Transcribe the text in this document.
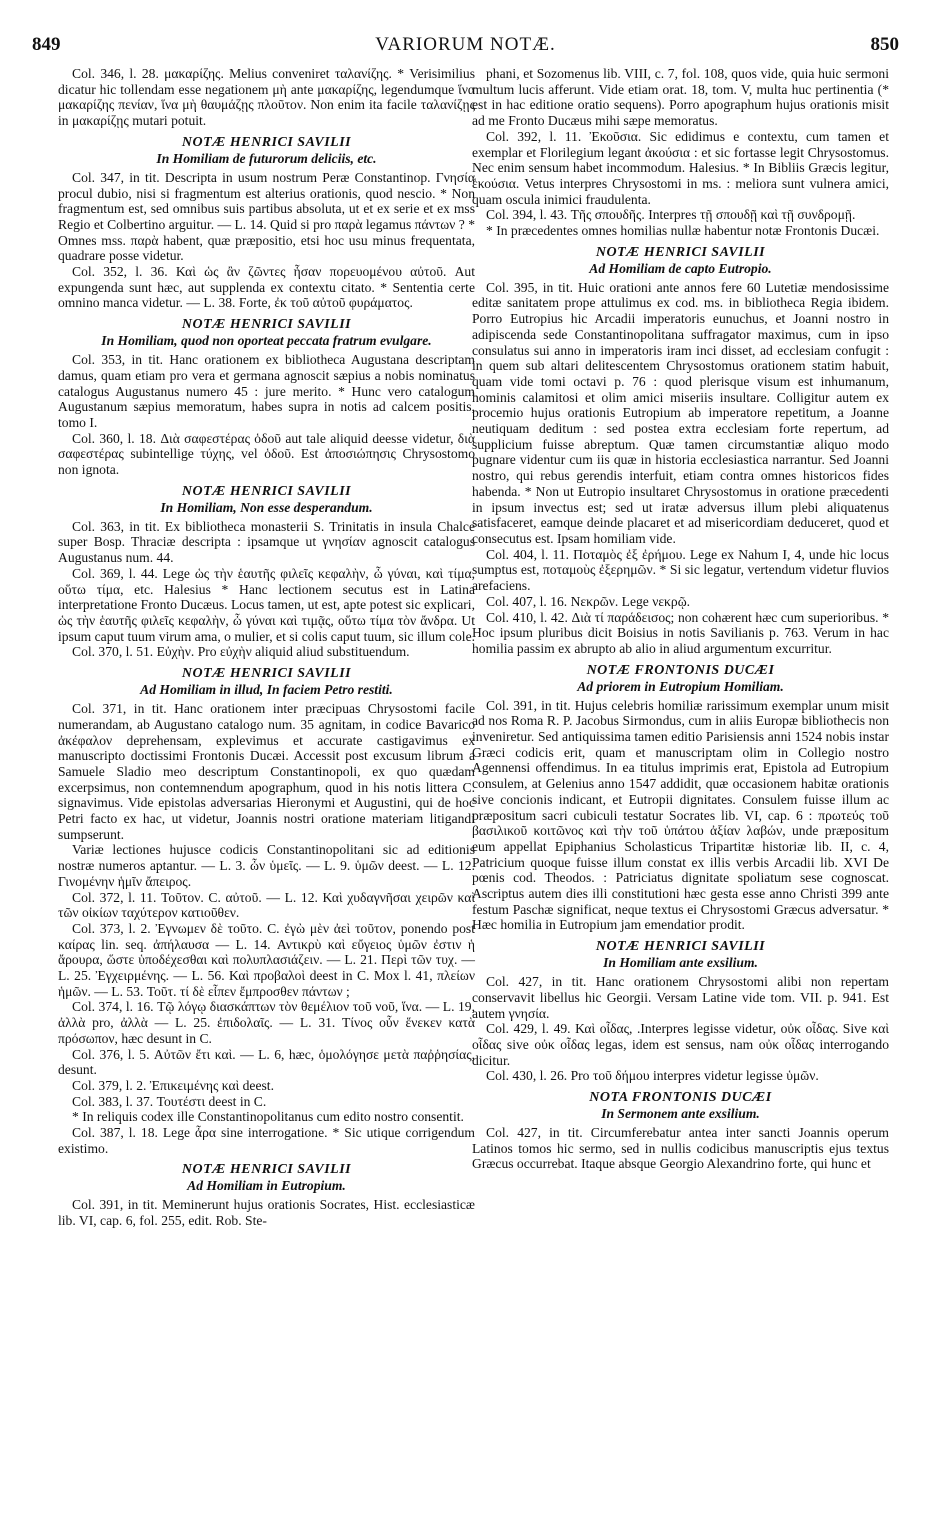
849	VARIORUM NOTÆ.	850

Col. 346, l. 28. μακαρίζης. Melius conveniret ταλανίζης. * Verisimilius dicatur hic tollendam esse negationem μὴ ante μακαρίζης, legendumque ἵνα μακαρίζης πενίαν, ἵνα μὴ θαυμάζῃς πλοῦτον. Non enim ita facile ταλανίζῃς in μακαρίζῃς mutari potuit.

NOTÆ HENRICI SAVILII

In Homiliam de futurorum deliciis, etc.

Col. 347, in tit. Descripta in usum nostrum Peræ Constantinop. Γνησία procul dubio, nisi si fragmentum est alterius orationis, quod nescio. * Non fragmentum est, sed omnibus suis partibus absoluta, ut et ex serie et ex mss Regio et Colbertino arguitur. — L. 14. Quid si pro παρὰ legamus πάντων ? * Omnes mss. παρὰ habent, quæ præpositio, etsi hoc usu minus frequentata, quadrare posse videtur.

Col. 352, l. 36. Καὶ ὡς ἂν ζῶντες ἦσαν πορευομένου αὐτοῦ. Aut expungenda sunt hæc, aut supplenda ex contextu citato. * Sententia certe omnino manca videtur. — L. 38. Forte, ἐκ τοῦ αὐτοῦ φυράματος.

NOTÆ HENRICI SAVILII

In Homiliam, quod non oporteat peccata fratrum evulgare.

Col. 353, in tit. Hanc orationem ex bibliotheca Augustana descriptam damus, quam etiam pro vera et germana agnoscit sæpius a nobis nominatus catalogus Augustanus numero 45 : jure merito. * Hunc vero catalogum Augustanum sæpius memoratum, habes supra in notis ad calcem positis, tomo I.

Col. 360, l. 18. Διὰ σαφεστέρας ὁδοῦ aut tale aliquid deesse videtur, διὰ σαφεστέρας subintellige τύχης, vel ὁδοῦ. Est ἀποσιώπησις Chrysostomo non ignota.

NOTÆ HENRICI SAVILII

In Homiliam, Non esse desperandum.

Col. 363, in tit. Ex bibliotheca monasterii S. Trinitatis in insula Chalce super Bosp. Thraciæ descripta : ipsamque ut γνησίαν agnoscit catalogus Augustanus num. 44.

Col. 369, l. 44. Lege ὡς τὴν ἑαυτῆς φιλεῖς κεφαλὴν, ὦ γύναι, καὶ τίμα, οὕτω τίμα, etc. Halesius * Hanc lectionem secutus est in Latina interpretatione Fronto Ducæus. Locus tamen, ut est, apte potest sic explicari, ὡς τὴν ἑαυτῆς φιλεῖς κεφαλὴν, ὦ γύναι καὶ τιμᾷς, οὕτω τίμα τὸν ἄνδρα. Ut ipsum caput tuum virum ama, o mulier, et si colis caput tuum, sic illum cole.

Col. 370, l. 51. Εὐχὴν. Pro εὐχὴν aliquid aliud substituendum.

NOTÆ HENRICI SAVILII

Ad Homiliam in illud, In faciem Petro restiti.

Col. 371, in tit. Hanc orationem inter præcipuas Chrysostomi facile numerandam, ab Augustano catalogo num. 35 agnitam, in codice Bavarico ἀκέφαλον deprehensam, explevimus et accurate castigavimus ex manuscripto doctissimi Frontonis Ducæi. Accessit post excusum librum a Samuele Sladio meo descriptum Constantinopoli, ex quo quædam excerpsimus, non contemnendum apographum, quod in his notis littera C. signavimus. Vide epistolas adversarias Hieronymi et Augustini, qui de hoc Petri facto ex hac, ut videtur, Joannis nostri oratione materiam litigandi sumpserunt.

Variæ lectiones hujusce codicis Constantinopolitani sic ad editionis nostræ numeros aptantur. — L. 3. ὦν ὑμεῖς. — L. 9. ὑμῶν deest. — L. 12. Γινομένην ἡμῖν ἄπειρος.

Col. 372, l. 11. Τοῦτον. C. αὐτοῦ. — L. 12. Καὶ χυδαγνῆσαι χειρῶν καὶ τῶν οἰκίων ταχύτερον κατιοῦθεν.

Col. 373, l. 2. Ἐγνωμεν δὲ τοῦτο. C. ἐγὼ μὲν ἀεὶ τοῦτον, ponendo post καίρας lin. seq. ἀπήλαυσα — L. 14. Αντικρὺ καὶ εὔγειος ὑμῶν ἐστιν ἡ ἄρουρα, ὥστε ὑποδέχεσθαι καὶ πολυπλασιάζειν. — L. 21. Περὶ τῶν τυχ. — L. 25. Ἐγχειρμένης. — L. 56. Καὶ προβαλοὶ deest in C. Mox l. 41, πλείων ἡμῶν. — L. 53. Τοῦτ. τί δὲ εἶπεν ἔμπροσθεν πάντων ;

Col. 374, l. 16. Τῷ λόγῳ διασκάπτων τὸν θεμέλιον τοῦ νοῦ, ἵνα. — L. 19, ἀλλὰ pro, ἀλλὰ — L. 25. ἐπιδολαῖς. — L. 31. Τίνος οὖν ἕνεκεν κατὰ πρόσωπον, hæc desunt in C.

Col. 376, l. 5. Αὐτῶν ἔτι καὶ. — L. 6, hæc, ὁμολόγησε μετὰ παῤῥησίας, desunt.

Col. 379, l. 2. Ἐπικειμένης καὶ deest.

Col. 383, l. 37. Τουτέστι deest in C.

* In reliquis codex ille Constantinopolitanus cum edito nostro consentit.

Col. 387, l. 18. Lege ἆρα sine interrogatione. * Sic utique corrigendum existimo.

NOTÆ HENRICI SAVILII

Ad Homiliam in Eutropium.

Col. 391, in tit. Meminerunt hujus orationis Socrates, Hist. ecclesiasticæ lib. VI, cap. 6, fol. 255, edit. Rob. Ste-

phani, et Sozomenus lib. VIII, c. 7, fol. 108, quos vide, quia huic sermoni multum lucis afferunt. Vide etiam orat. 18, tom. V, multa huc pertinentia (* est in hac editione oratio sequens). Porro apographum hujus orationis misit ad me Fronto Ducæus mihi sæpe memoratus.

Col. 392, l. 11. Ἐκοῦσια. Sic edidimus e contextu, cum tamen et exemplar et Florilegium legant ἀκούσια : et sic fortasse legit Chrysostomus. Nec enim sensum habet incommodum. Halesius. * In Bibliis Græcis legitur, ἑκούσια. Vetus interpres Chrysostomi in ms. : meliora sunt vulnera amici, quam oscula inimici fraudulenta.

Col. 394, l. 43. Τῆς σπουδῆς. Interpres τῇ σπουδῇ καὶ τῇ συνδρομῇ.

* In præcedentes omnes homilias nullæ habentur notæ Frontonis Ducæi.

NOTÆ HENRICI SAVILII

Ad Homiliam de capto Eutropio.

Col. 395, in tit. Huic orationi ante annos fere 60 Lutetiæ mendosissime editæ sanitatem prope attulimus ex cod. ms. in bibliotheca Regia ibidem. Porro Eutropius hic Arcadii imperatoris eunuchus, et Joanni nostro in adipiscenda sede Constantinopolitana suffragator maximus, cum in ipso consulatus sui anno in imperatoris iram inci disset, ad ecclesiam confugit : in quem sub altari delitescentem Chrysostomus orationem statim habuit, quam vide tomi octavi p. 76 : quod plerisque visum est inhumanum, hominis calamitosi et olim amici miseriis insultare. Colligitur autem ex procemio hujus orationis Eutropium ab imperatore repetitum, a Joanne neutiquam deditum : sed postea extra ecclesiam forte repertum, ad supplicium fuisse abreptum. Quæ tamen circumstantiæ aliquo modo pugnare videntur cum iis quæ in historia ecclesiastica narrantur. Sed Joanni nostro, qui rebus gerendis interfuit, etiam contra omnes historicos fides habenda. * Non ut Eutropio insultaret Chrysostomus in oratione præcedenti in ipsum invectus est; sed ut iratæ adversus illum plebi aliquatenus satisfaceret, eamque deinde placaret et ad misericordiam deduceret, quod et consecutus est. Ipsam homiliam vide.

Col. 404, l. 11. Ποταμὸς ἐξ ἐρήμου. Lege ex Nahum I, 4, unde hic locus sumptus est, ποταμοὺς ἐξερημῶν. * Si sic legatur, vertendum videtur fluvios arefaciens.

Col. 407, l. 16. Νεκρῶν. Lege νεκρῷ.

Col. 410, l. 42. Διὰ τί παράδεισος; non cohærent hæc cum superioribus. * Hoc ipsum pluribus dicit Boisius in notis Savilianis p. 763. Verum in hac homilia passim ex abrupto ab alio in aliud argumentum excurritur.

NOTÆ FRONTONIS DUCÆI

Ad priorem in Eutropium Homiliam.

Col. 391, in tit. Hujus celebris homiliæ rarissimum exemplar unum misit ad nos Roma R. P. Jacobus Sirmondus, cum in aliis Europæ bibliothecis non inveniretur. Sed antiquissima tamen editio Parisiensis anni 1524 nobis instar Græci codicis erit, quam et manuscriptam olim in Collegio nostro Agennensi offendimus. In ea titulus imprimis erat, Epistola ad Eutropium consulem, at Gelenius anno 1547 addidit, quæ occasionem habitæ orationis sive concionis indicant, et Eutropii dignitates. Consulem fuisse illum ac præpositum sacri cubiculi testatur Socrates lib. VI, cap. 6 : πρωτεύς τοῦ βασιλικοῦ κοιτῶνος καὶ τὴν τοῦ ὑπάτου ἀξίαν λαβών, unde præpositum eum appellat Epiphanius Scholasticus Tripartitæ historiæ lib. II, c. 4, Patricium quoque fuisse illum constat ex illis verbis Arcadii lib. XVI De pœnis cod. Theodos. : Patriciatus dignitate spoliatum sese cognoscat. Ascriptus autem dies illi constitutioni hæc gesta esse anno Christi 399 ante festum Paschæ significat, neque textus ei Chrysostomi Græcus adversatur. * Hæc homilia in Eutropium jam emendatior prodit.

NOTÆ HENRICI SAVILII

In Homiliam ante exsilium.

Col. 427, in tit. Hanc orationem Chrysostomi alibi non repertam conservavit libellus hic Georgii. Versam Latine vide tom. VII. p. 941. Est autem γνησία.

Col. 429, l. 49. Καὶ οἶδας, .Interpres legisse videtur, οὐκ οἶδας. Sive καὶ οἶδας sive οὐκ οἶδας legas, idem est sensus, nam οὐκ οἶδας interrogando dicitur.

Col. 430, l. 26. Pro τοῦ δήμου interpres videtur legisse ὑμῶν.

NOTA FRONTONIS DUCÆI

In Sermonem ante exsilium.

Col. 427, in tit. Circumferebatur antea inter sancti Joannis operum Latinos tomos hic sermo, sed in nullis codicibus manuscriptis ejus textus Græcus occurrebat. Itaque absque Georgio Alexandrino forte, qui hunc et
